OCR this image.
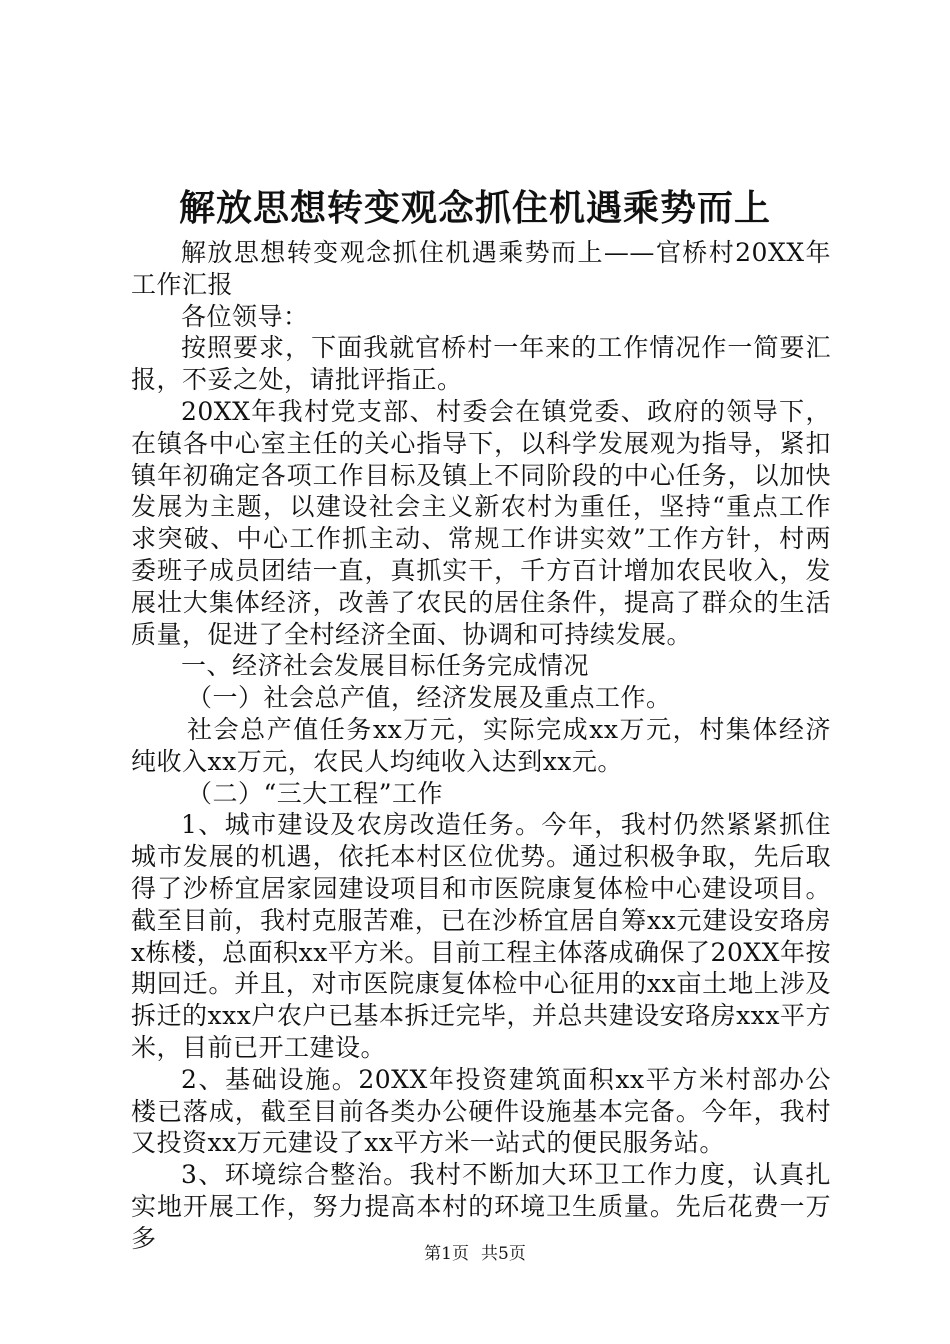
解放思想转变观念抓住机遇乘势而上

解放思想转变观念抓住机遇乘势而上——官桥村20XX年工作汇报

各位领导：

按照要求，下面我就官桥村一年来的工作情况作一简要汇报，不妥之处，请批评指正。

20XX年我村党支部、村委会在镇党委、政府的领导下，在镇各中心室主任的关心指导下，以科学发展观为指导，紧扣镇年初确定各项工作目标及镇上不同阶段的中心任务，以加快发展为主题，以建设社会主义新农村为重任，坚持“重点工作求突破、中心工作抓主动、常规工作讲实效”工作方针，村两委班子成员团结一直，真抓实干，千方百计增加农民收入，发展壮大集体经济，改善了农民的居住条件，提高了群众的生活质量，促进了全村经济全面、协调和可持续发展。

一、经济社会发展目标任务完成情况

（一）社会总产值，经济发展及重点工作。

社会总产值任务xx万元，实际完成xx万元，村集体经济纯收入xx万元，农民人均纯收入达到xx元。

（二）“三大工程”工作

1、城市建设及农房改造任务。今年，我村仍然紧紧抓住城市发展的机遇，依托本村区位优势。通过积极争取，先后取得了沙桥宜居家园建设项目和市医院康复体检中心建设项目。截至目前，我村克服苦难，已在沙桥宜居自筹xx元建设安珞房x栋楼，总面积xx平方米。目前工程主体落成确保了20XX年按期回迁。并且，对市医院康复体检中心征用的xx亩土地上涉及拆迁的xxx户农户已基本拆迁完毕，并总共建设安珞房xxx平方米，目前已开工建设。

2、基础设施。20XX年投资建筑面积xx平方米村部办公楼已落成，截至目前各类办公硬件设施基本完备。今年，我村又投资xx万元建设了xx平方米一站式的便民服务站。

3、环境综合整治。我村不断加大环卫工作力度，认真扎实地开展工作，努力提高本村的环境卫生质量。先后花费一万多

第1页 共5页
